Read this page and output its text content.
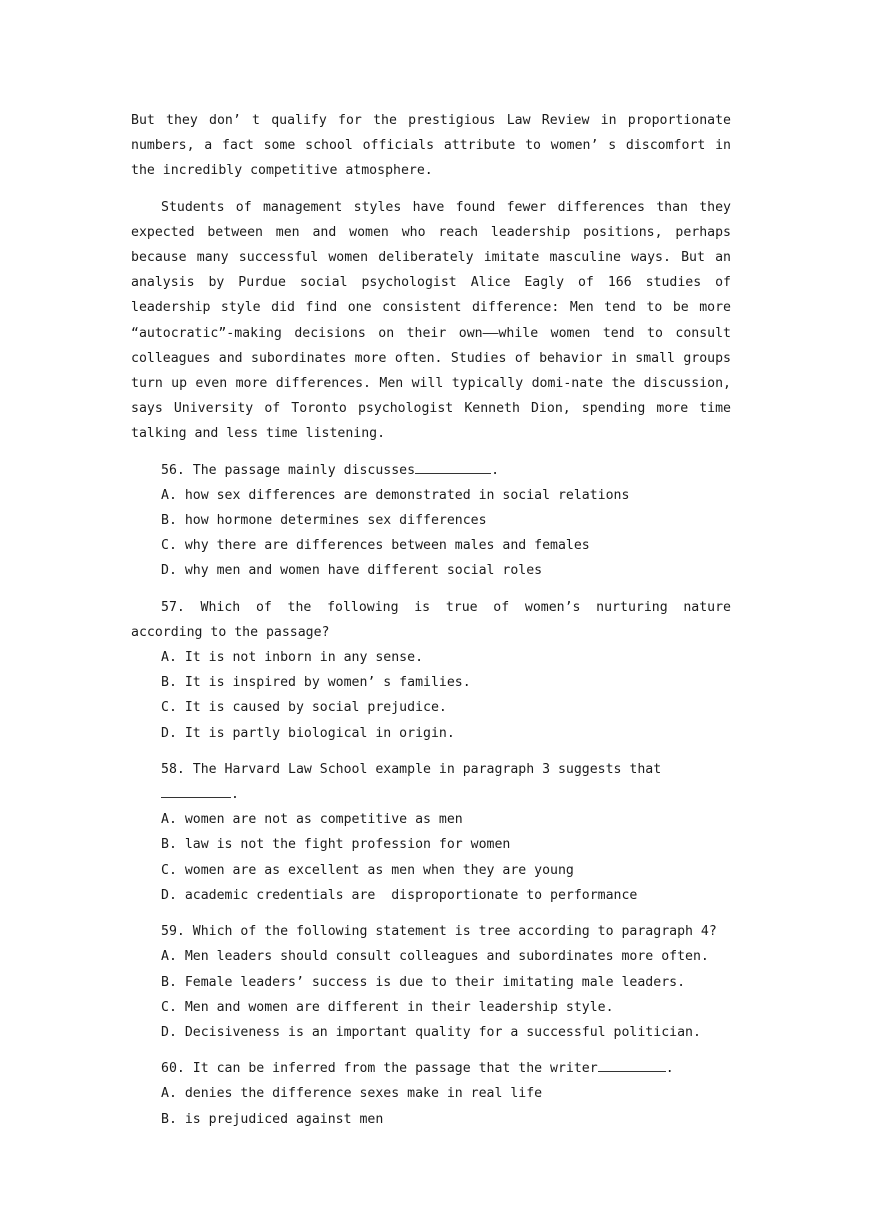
But they don’ t qualify for the prestigious Law Review in proportionate numbers, a fact some school officials attribute to women’ s discomfort in the incredibly competitive atmosphere.

Students of management styles have found fewer differences than they expected between men and women who reach leadership positions, perhaps because many successful women deliberately imitate masculine ways. But an analysis by Purdue social psychologist Alice Eagly of 166 studies of leadership style did find one consistent difference: Men tend to be more “autocratic”-making decisions on their own——while women tend to consult colleagues and subordinates more often. Studies of behavior in small groups turn up even more differences. Men will typically domi-nate the discussion, says University of Toronto psychologist Kenneth Dion, spending more time talking and less time listening.

56. The passage mainly discusses	.
A. how sex differences are demonstrated in social relations
B. how hormone determines sex differences
C. why there are differences between males and females
D. why men and women have different social roles
57. Which of the following is true of women’s nurturing nature according to the passage?
A. It is not inborn in any sense.
B. It is inspired by women’ s families.
C. It is caused by social prejudice.
D. It is partly biological in origin.
58. The Harvard Law School example in paragraph 3 suggests that.
A. women are not as competitive as men
B. law is not the fight profession for women
C. women are as excellent as men when they are young
D. academic credentials are  disproportionate to performance
59. Which of the following statement is tree according to paragraph 4?
A. Men leaders should consult colleagues and subordinates more often.
B. Female leaders’ success is due to their imitating male leaders.
C. Men and women are different in their leadership style.
D. Decisiveness is an important quality for a successful politician.
60. It can be inferred from the passage that the writer	.
A. denies the difference sexes make in real life
B. is prejudiced against men
